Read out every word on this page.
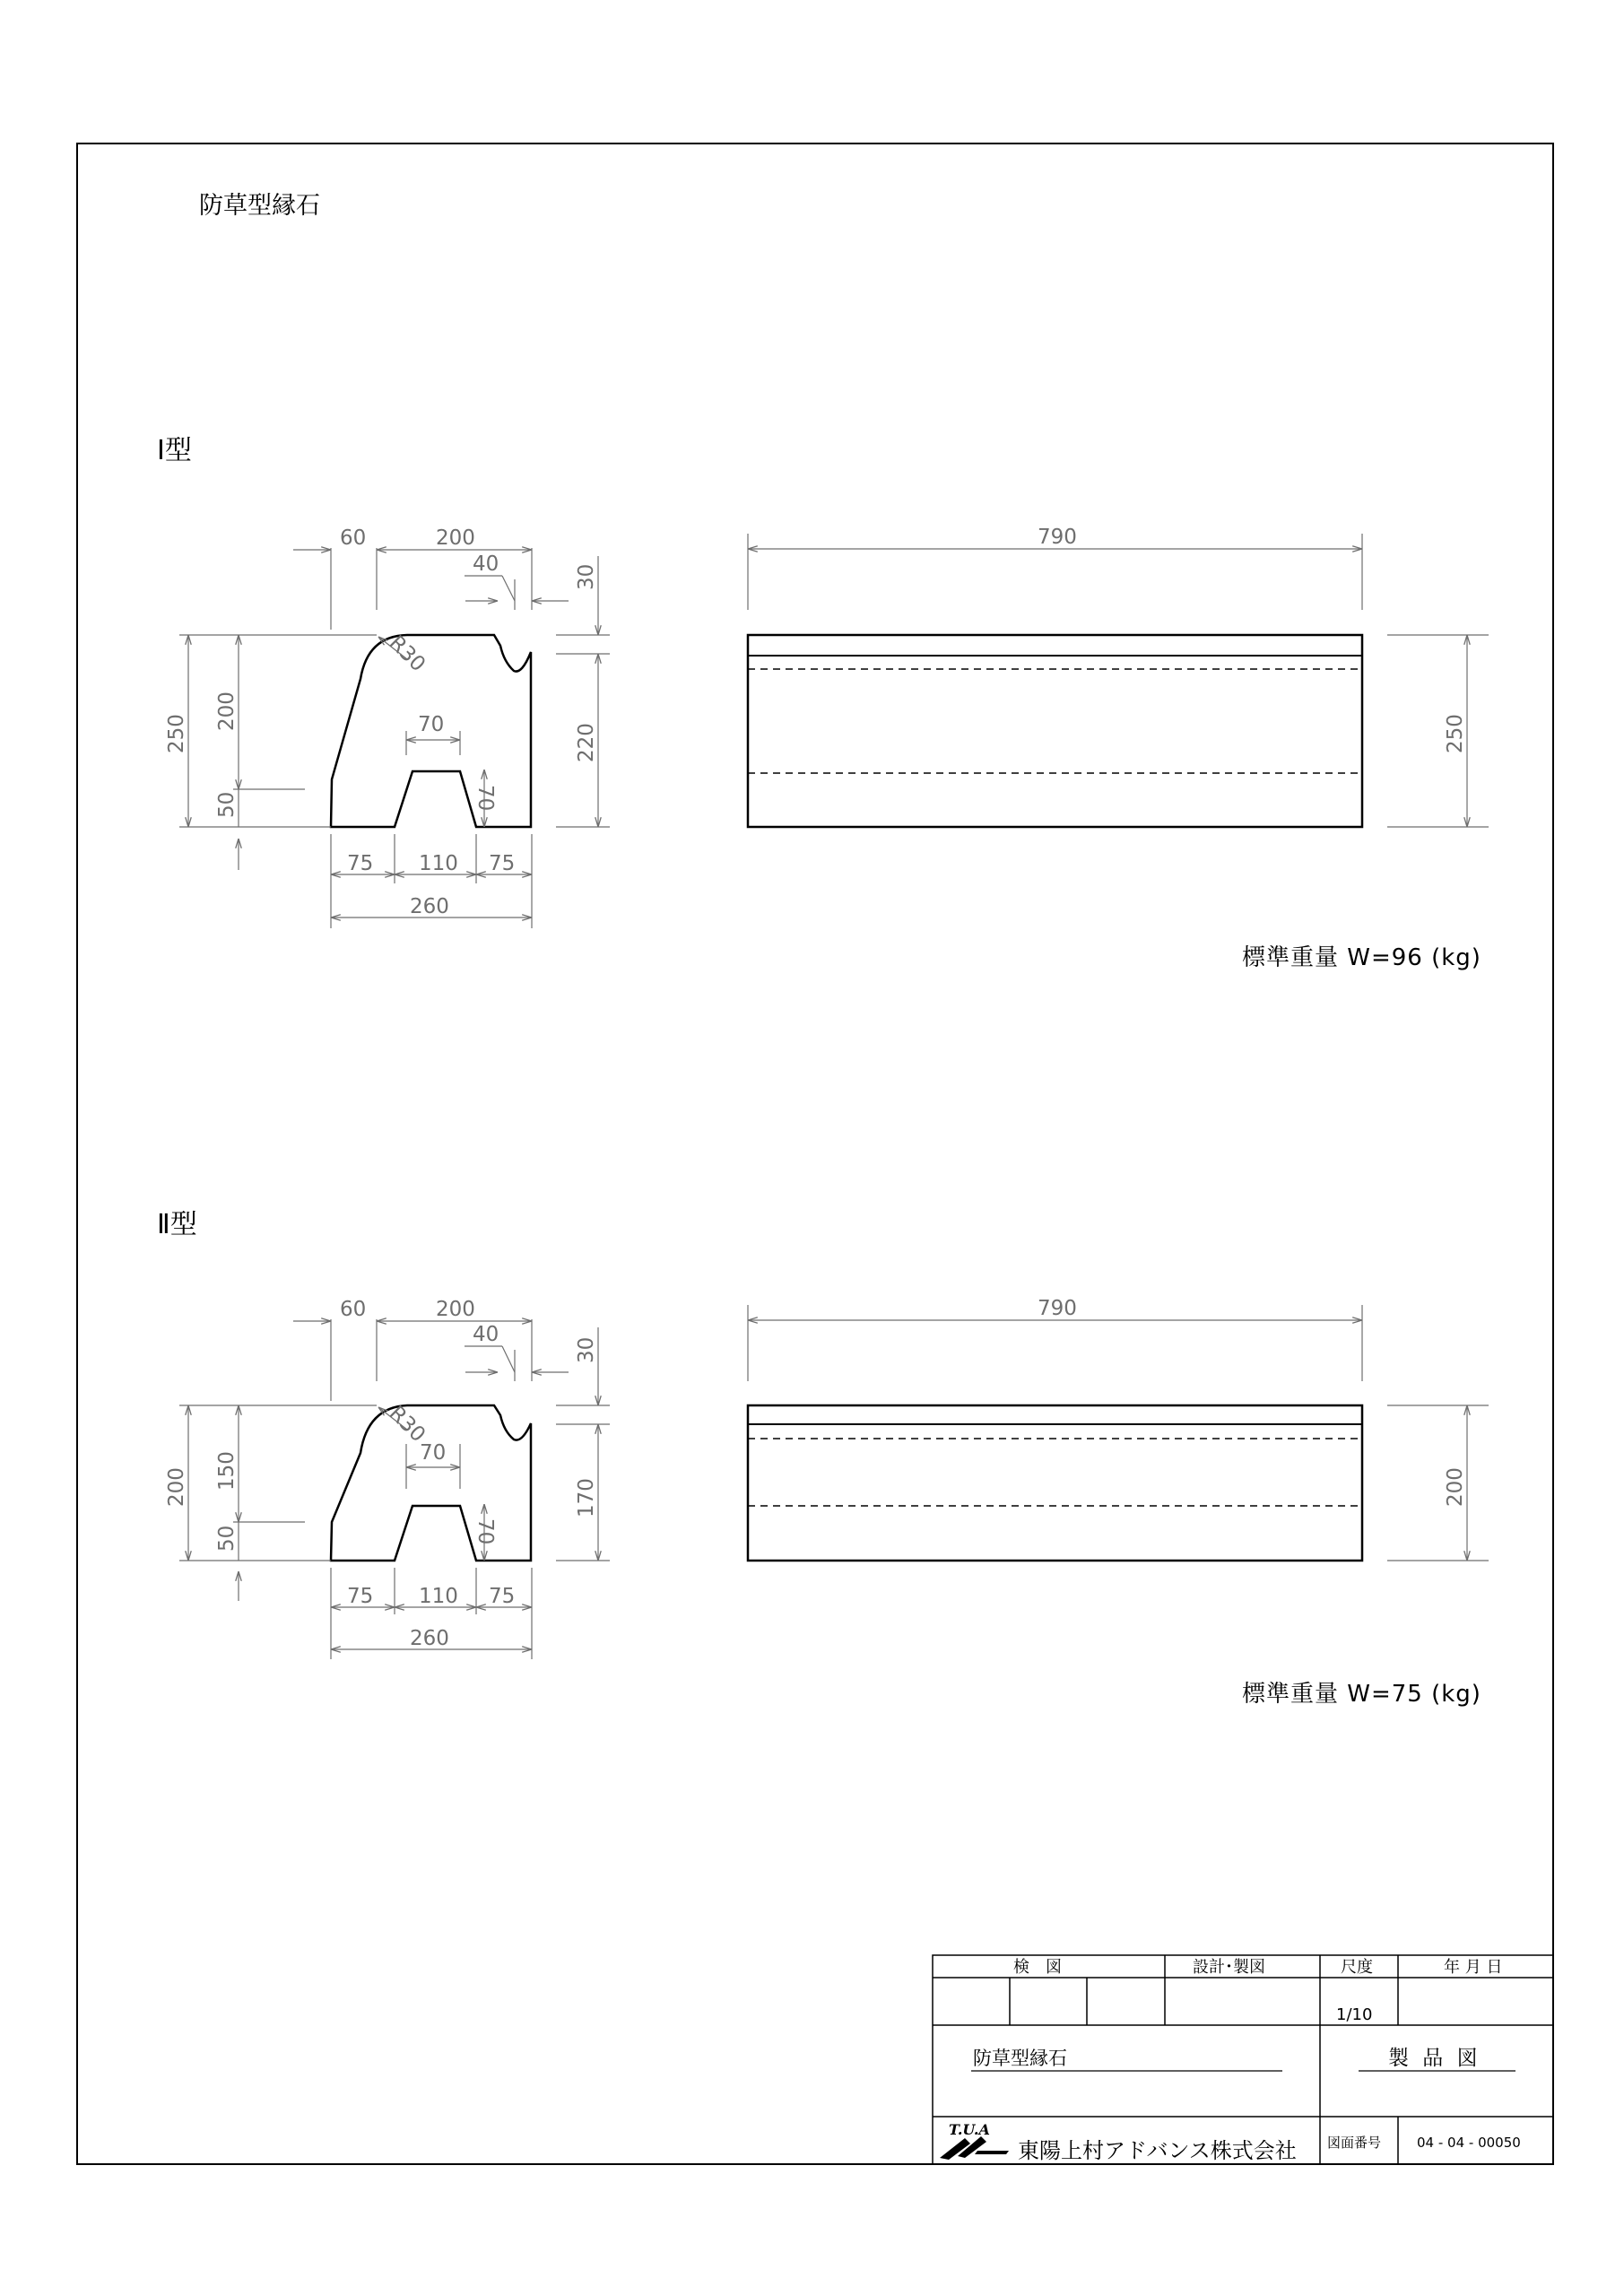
60	200
40	30
220
250
200
50
R30
70
70
75 110 75
260
790
250
60	200
40
30
170
200 150
50
R30
70
70
75 110 75
260
790
200
検　図	設計･製図	尺度	年 月 日
1/10
防草型縁石	製 品 図
T.U.A
東陽上村アドバンス株式会社 図面番号	04 - 04 - 00050
防草型縁石
Ⅰ型
Ⅱ型
標準重量 W=96 (kg)
標準重量 W=75 (kg)
